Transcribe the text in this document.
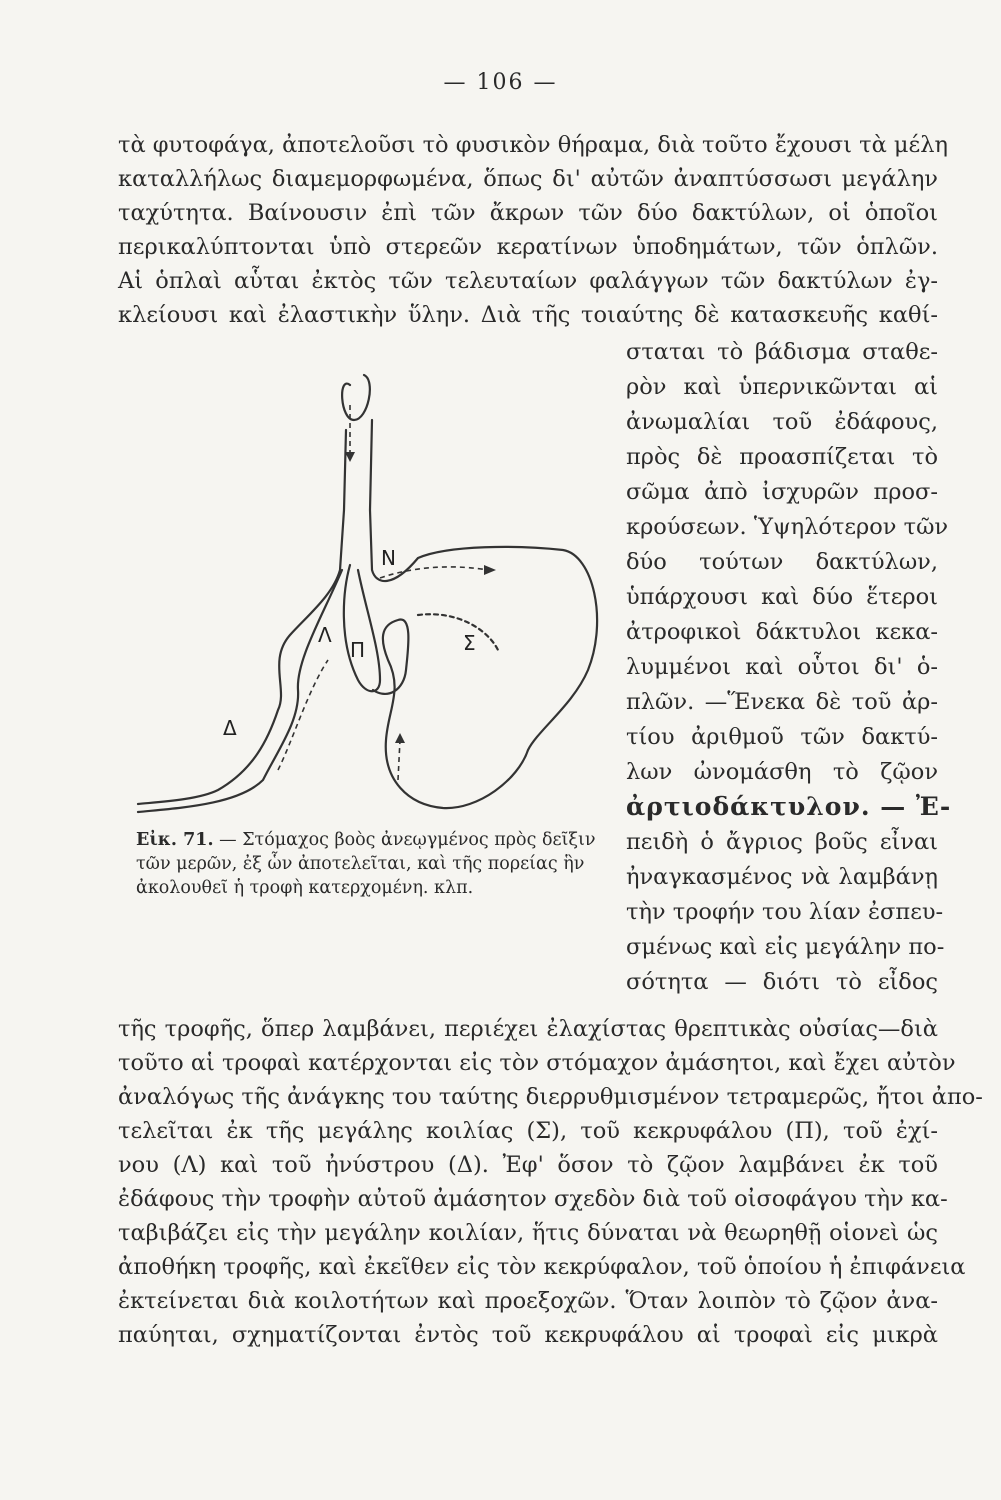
— 106 —
τὰ φυτοφάγα, ἀποτελοῦσι τὸ φυσικὸν θήραμα, διὰ τοῦτο ἔχουσι τὰ μέλη
καταλλήλως διαμεμορφωμένα, ὅπως δι' αὐτῶν ἀναπτύσσωσι μεγάλην
ταχύτητα. Βαίνουσιν ἐπὶ τῶν ἄκρων τῶν δύο δακτύλων, οἱ ὁποῖοι
περικαλύπτονται ὑπὸ στερεῶν κερατίνων ὑποδημάτων, τῶν ὁπλῶν.
Αἱ ὁπλαὶ αὗται ἐκτὸς τῶν τελευταίων φαλάγγων τῶν δακτύλων ἐγ-
κλείουσι καὶ ἐλαστικὴν ὕλην. Διὰ τῆς τοιαύτης δὲ κατασκευῆς καθί-
σταται τὸ βάδισμα σταθε-
ρὸν καὶ ὑπερνικῶνται αἱ
ἀνωμαλίαι τοῦ ἐδάφους,
πρὸς δὲ προασπίζεται τὸ
σῶμα ἀπὸ ἰσχυρῶν προσ-
κρούσεων. Ὑψηλότερον τῶν
δύο τούτων δακτύλων,
ὑπάρχουσι καὶ δύο ἕτεροι
ἀτροφικοὶ δάκτυλοι κεκα-
λυμμένοι καὶ οὗτοι δι' ὁ-
πλῶν. —Ἕνεκα δὲ τοῦ ἀρ-
τίου ἀριθμοῦ τῶν δακτύ-
λων ὠνομάσθη τὸ ζῷον
ἀρτιοδάκτυλον. — Ἐ-
πειδὴ ὁ ἄγριος βοῦς εἶναι
ἠναγκασμένος νὰ λαμβάνῃ
τὴν τροφήν του λίαν ἐσπευ-
σμένως καὶ εἰς μεγάλην πο-
σότητα — διότι τὸ εἶδος
N
Λ
Π	Σ
Δ
Εἰκ. 71. — Στόμαχος βοὸς ἀνεῳγμένος πρὸς δεῖξιν τῶν μερῶν, ἐξ ὧν ἀποτελεῖται, καὶ τῆς πορείας ἣν ἀκολουθεῖ ἡ τροφὴ κατερχομένη. κλπ.
τῆς τροφῆς, ὅπερ λαμβάνει, περιέχει ἐλαχίστας θρεπτικὰς οὐσίας—διὰ
τοῦτο αἱ τροφαὶ κατέρχονται εἰς τὸν στόμαχον ἀμάσητοι, καὶ ἔχει αὐτὸν
ἀναλόγως τῆς ἀνάγκης του ταύτης διερρυθμισμένον τετραμερῶς, ἤτοι ἀπο-
τελεῖται ἐκ τῆς μεγάλης κοιλίας (Σ), τοῦ κεκρυφάλου (Π), τοῦ ἐχί-
νου (Λ) καὶ τοῦ ἠνύστρου (Δ). Ἐφ' ὅσον τὸ ζῷον λαμβάνει ἐκ τοῦ
ἐδάφους τὴν τροφὴν αὐτοῦ ἀμάσητον σχεδὸν διὰ τοῦ οἰσοφάγου τὴν κα-
ταβιβάζει εἰς τὴν μεγάλην κοιλίαν, ἥτις δύναται νὰ θεωρηθῇ οἱονεὶ ὡς
ἀποθήκη τροφῆς, καὶ ἐκεῖθεν εἰς τὸν κεκρύφαλον, τοῦ ὁποίου ἡ ἐπιφάνεια
ἐκτείνεται διὰ κοιλοτήτων καὶ προεξοχῶν. Ὅταν λοιπὸν τὸ ζῷον ἀνα-
παύηται, σχηματίζονται ἐντὸς τοῦ κεκρυφάλου αἱ τροφαὶ εἰς μικρὰ
